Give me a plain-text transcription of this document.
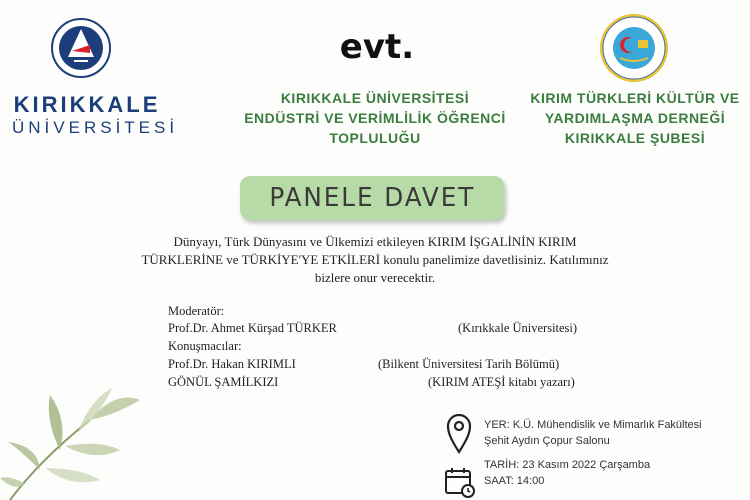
KIRIKKALE
ÜNİVERSİTESİ
evt.
KIRIKKALE ÜNİVERSİTESİ
ENDÜSTRİ VE VERİMLİLİK ÖĞRENCİ
TOPLULUĞU
KIRIM TÜRKLERİ KÜLTÜR VE
YARDIMLAŞMA DERNEĞİ
KIRIKKALE ŞUBESİ
PANELE DAVET
Dünyayı, Türk Dünyasını ve Ülkemizi etkileyen KIRIM İŞGALİNİN KIRIM
TÜRKLERİNE ve TÜRKİYE'YE ETKİLERİ konulu panelimize davetlisiniz. Katılımınız
bizlere onur verecektir.
Moderatör:
Prof.Dr. Ahmet Kürşad TÜRKER	(Kırıkkale Üniversitesi)
Konuşmacılar:
Prof.Dr. Hakan KIRIMLI	(Bilkent Üniversitesi Tarih Bölümü)
GÖNÜL ŞAMİLKIZI	(KIRIM ATEŞİ kitabı yazarı)
YER: K.Ü. Mühendislik ve Mimarlık Fakültesi
Şehit Aydın Çopur Salonu
TARİH: 23 Kasım 2022 Çarşamba
SAAT: 14:00
